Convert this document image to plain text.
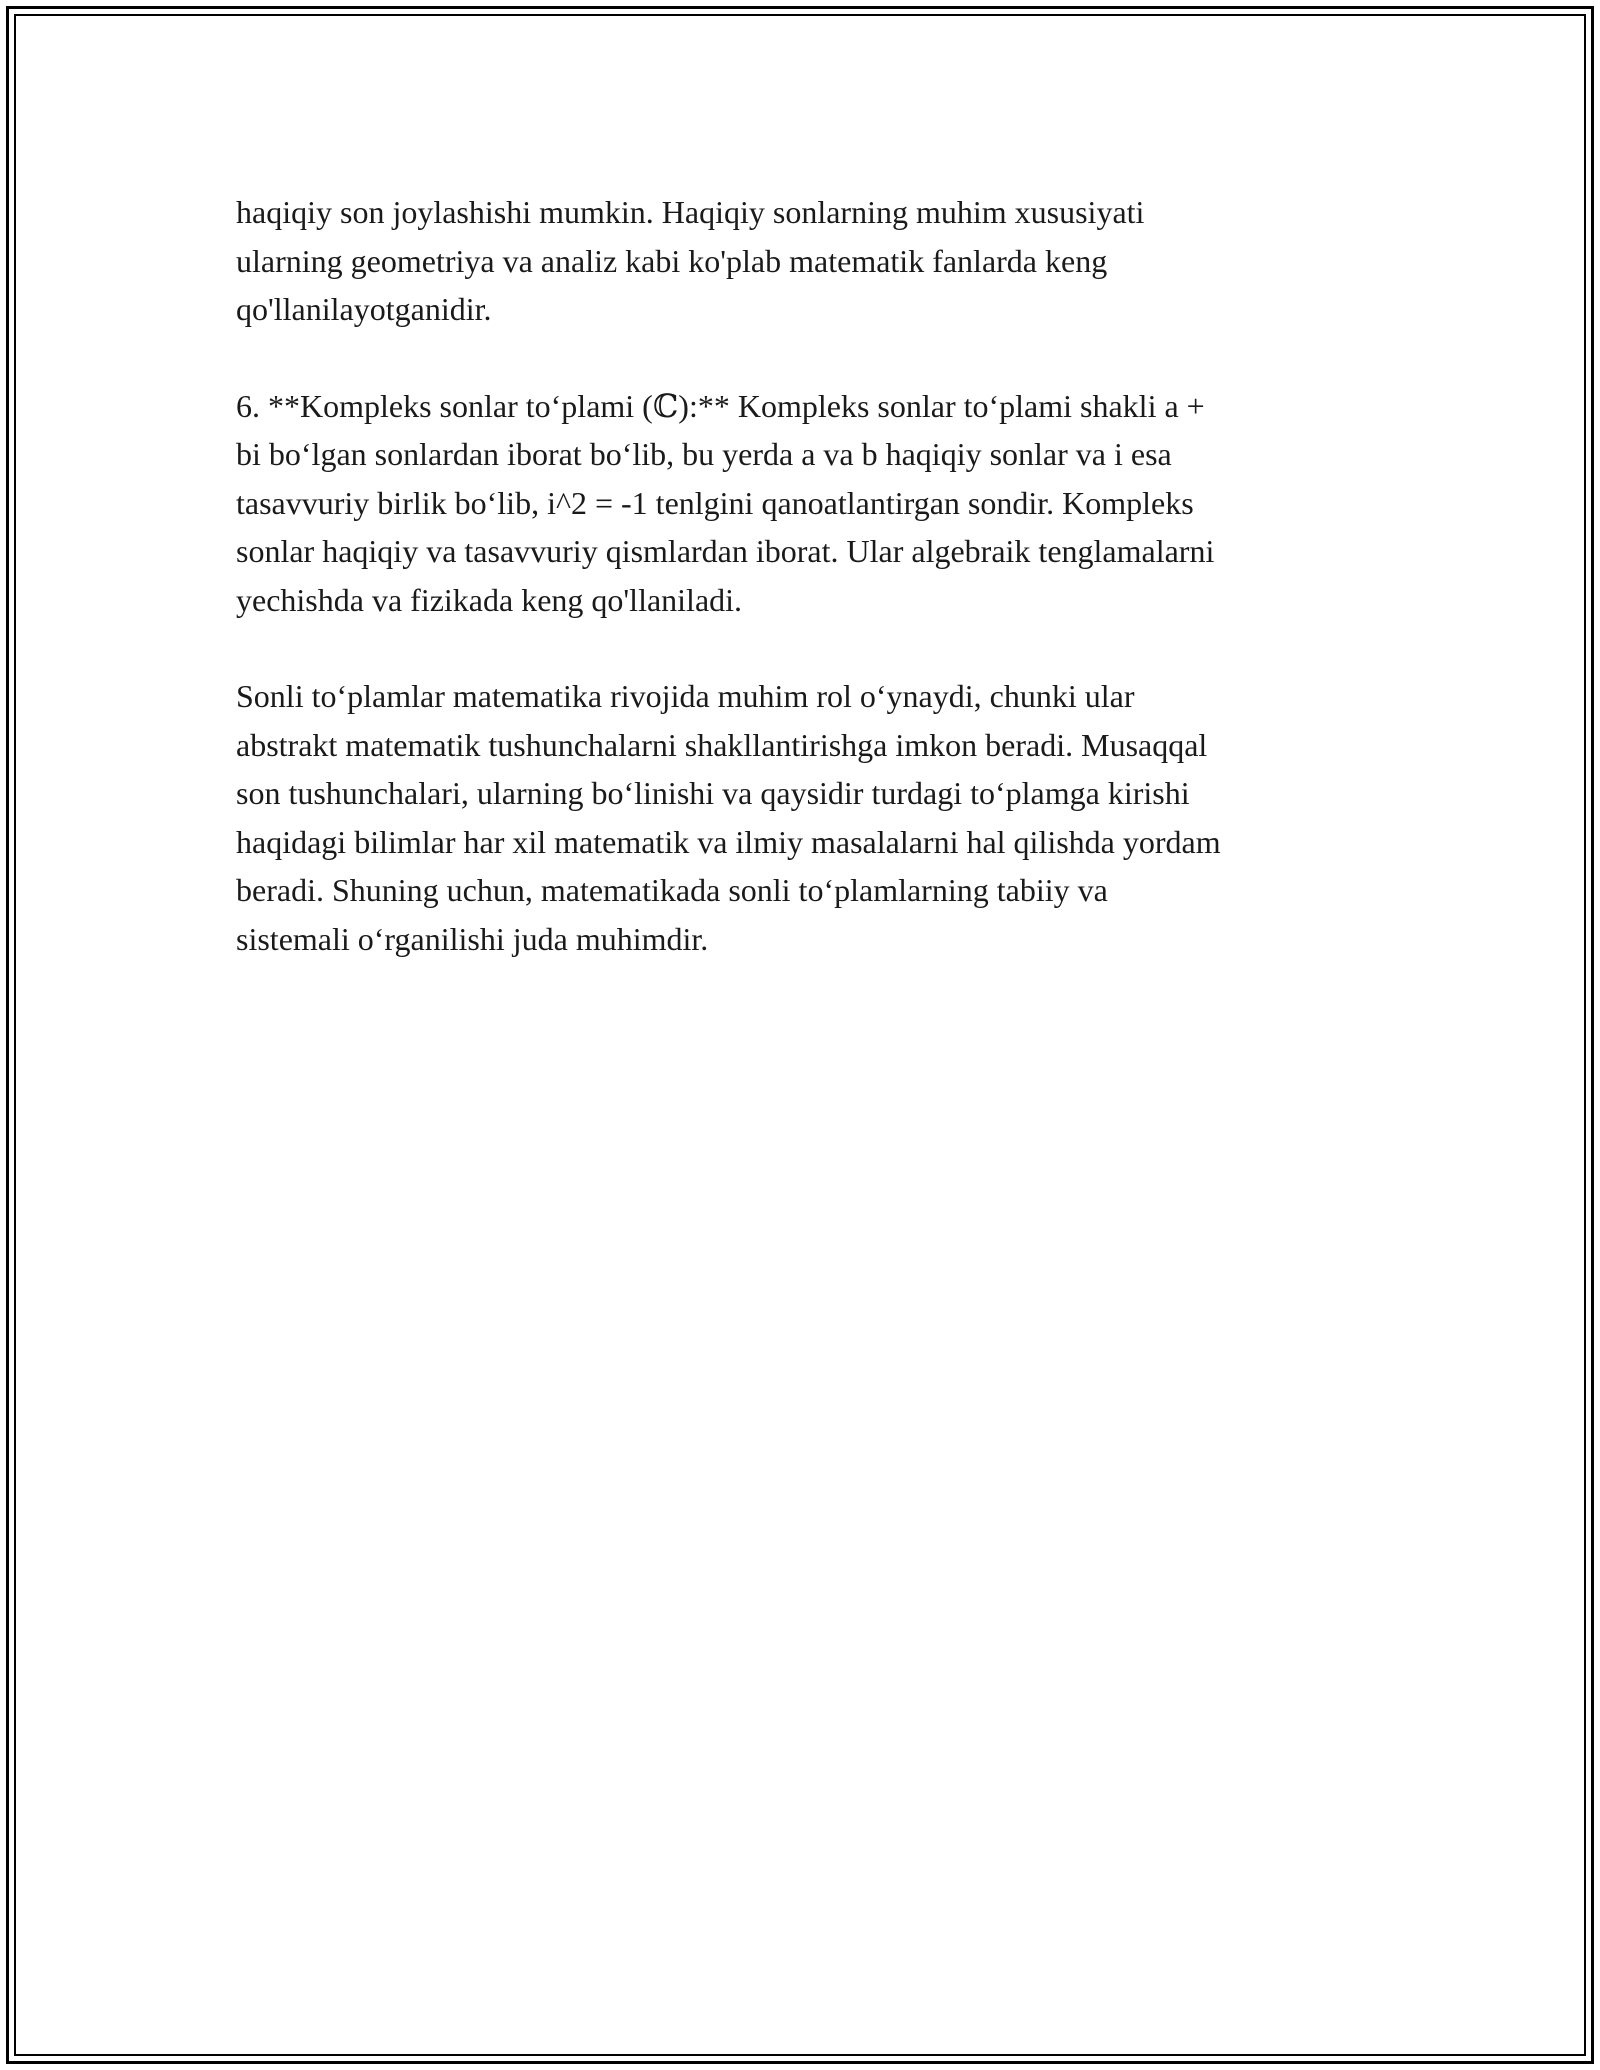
haqiqiy son joylashishi mumkin. Haqiqiy sonlarning muhim xususiyati
ularning geometriya va analiz kabi ko'plab matematik fanlarda keng
qo'llanilayotganidir.

6. **Kompleks sonlar to‘plami (ℂ):** Kompleks sonlar to‘plami shakli a +
bi bo‘lgan sonlardan iborat bo‘lib, bu yerda a va b haqiqiy sonlar va i esa
tasavvuriy birlik bo‘lib, i^2 = -1 tenlgini qanoatlantirgan sondir. Kompleks
sonlar haqiqiy va tasavvuriy qismlardan iborat. Ular algebraik tenglamalarni
yechishda va fizikada keng qo'llaniladi.

Sonli to‘plamlar matematika rivojida muhim rol o‘ynaydi, chunki ular
abstrakt matematik tushunchalarni shakllantirishga imkon beradi. Musaqqal
son tushunchalari, ularning bo‘linishi va qaysidir turdagi to‘plamga kirishi
haqidagi bilimlar har xil matematik va ilmiy masalalarni hal qilishda yordam
beradi. Shuning uchun, matematikada sonli to‘plamlarning tabiiy va
sistemali o‘rganilishi juda muhimdir.
